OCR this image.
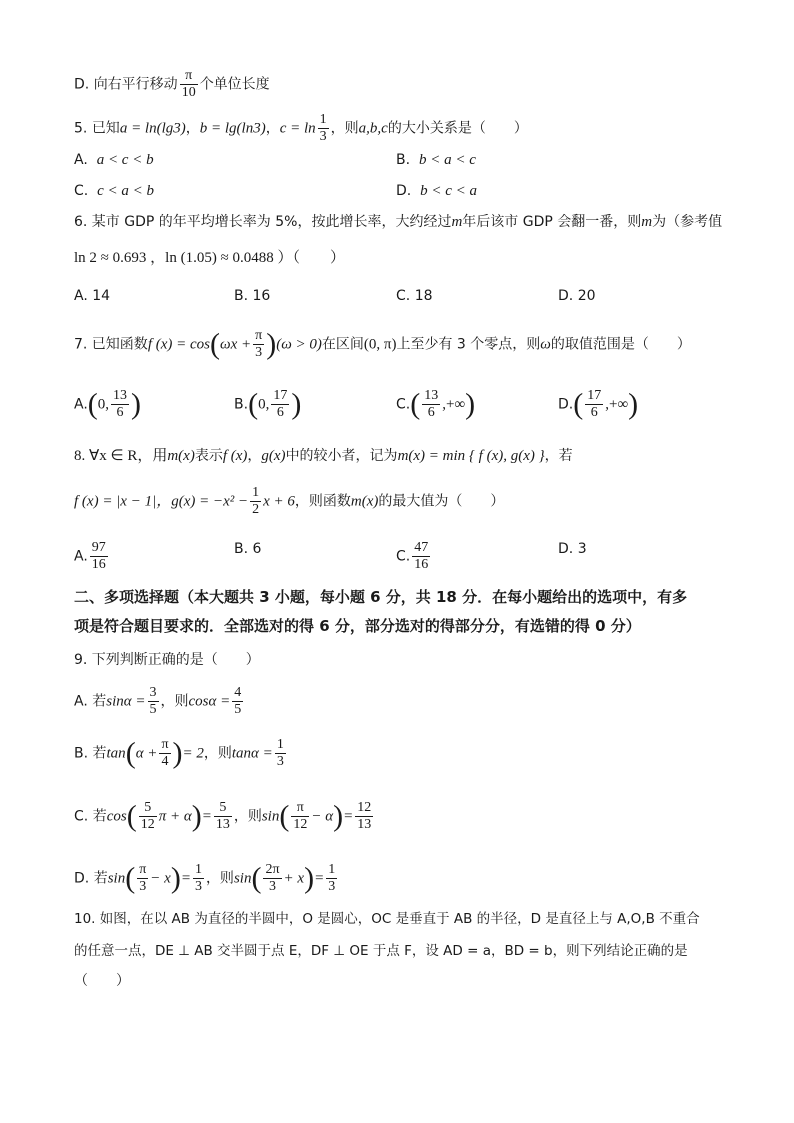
D. 向右平行移动 $\frac{\pi}{10}$ 个单位长度
5. 已知a = ln(lg3)，b = lg(ln3)，$c = \ln \frac{1}{3}$ ，则a,b,c的大小关系是（　　）
A. a < c < b	B. b < a < c
C. c < a < b	D. b < c < a
6. 某市 GDP 的年平均增长率为 5%，按此增长率，大约经过m年后该市 GDP 会翻一番，则m为（参考值
ln 2 ≈ 0.693 ，ln (1.05) ≈ 0.0488 ）（　　）
A. 14	B. 16	C. 18	D. 20
7. 已知函数f $(x) = \cos(\omega x + \frac{\pi}{3} )(\omega > 0)$在区间(0, π)上至少有 3 个零点，则ω的取值范围是（　　）
A.(0, $\frac{13}{6}$ )	B.(0, $\frac{17}{6}$ )	$C.( \frac{13}{6}$ ,+∞)	$D.( \frac{17}{6}$ ,+∞)
8. ∀x ∈ R，用m(x)表示f (x)，g(x)中的较小者，记为m(x) = min { f (x), g(x) }，若
f (x) = |x − 1|，$g(x) = -x^2 - \frac{1}{2}$ x + 6，则函数m(x)的最大值为（　　）
A. $\frac{97}{16}$	B. 6	C. $\frac{47}{16}$	D. 3
二、多项选择题（本大题共 3 小题，每小题 6 分，共 18 分．在每小题给出的选项中，有多
项是符合题目要求的．全部选对的得 6 分，部分选对的得部分分，有选错的得 0 分）
9. 下列判断正确的是（　　）
A. 若$\sin\alpha = \frac{3}{5}$ ，则$\cos\alpha = \frac{4}{5}$
B. 若$\tan(\alpha + \frac{\pi}{4}$ )= 2，则$\tan\alpha = \frac{1}{3}$
C. 若$\cos( \frac{5}{12}$ $\pi + \alpha)= \frac{5}{13}$ ，则$\sin( \frac{\pi}{12} - \alpha)= \frac{12}{13}$
D. 若$\sin( \frac{\pi}{3} - x)= \frac{1}{3}$ ，则$\sin( \frac{2\pi}{3} + x)= \frac{1}{3}$
10. 如图，在以 AB 为直径的半圆中，O 是圆心，OC 是垂直于 AB 的半径，D 是直径上与 A,O,B 不重合
的任意一点，DE ⊥ AB 交半圆于点 E，DF ⊥ OE 于点 F，设 AD = a，BD = b，则下列结论正确的是
（　　）
